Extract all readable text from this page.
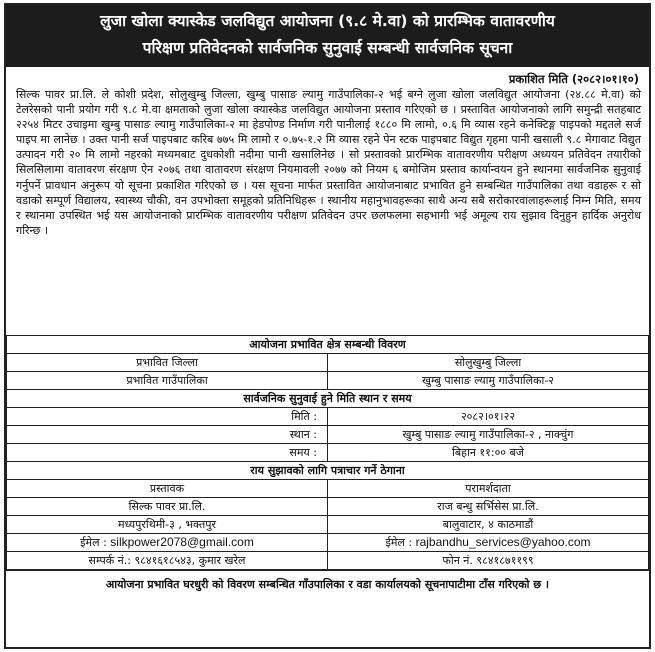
लुजा खोला क्यास्केड जलविद्युत आयोजना (९.८ मे.वा) को प्रारम्भिक वातावरणीय
परिक्षण प्रतिवेदनको सार्वजनिक सुनुवाई सम्बन्धी सार्वजनिक सूचना
प्रकाशित मिति (२०८२।०१।१०)
सिल्क पावर प्रा.लि. ले कोशी प्रदेश, सोलुखुम्बु जिल्ला, खुम्बु पासाङ ल्यामु गाउँपालिका-२ भई बग्ने लुजा खोला जलविद्युत आयोजना (२४.८८ मे.वा) को टेलरेसको पानी प्रयोग गरी ९.८ मे.वा क्षमताको लुजा खोला क्यास्केड जलविद्युत आयोजना प्रस्ताव गरिएको छ । प्रस्तावित आयोजनाको लागि समुन्द्री सतहबाट २२५४ मिटर उचाइमा खुम्बु पासाङ ल्यामु गाउँपालिका-२ मा हेडपोण्ड निर्माण गरी पानीलाई १८८० मि लामो, ०.६ मि व्यास रहने कनेक्टिङ्ग पाइपको मद्दतले सर्ज पाइप मा लानेछ । उक्त पानी सर्ज पाइपबाट करिब ७७५ मि लामो र ०.७५-१.२ मि व्यास रहने पेन स्टक पाइपबाट विद्युत गृहमा पानी खसाली ९.८ मेगावाट विद्युत उत्पादन गरी २० मि लामो नहरको मध्यमबाट दुधकोशी नदीमा पानी खसालिनेछ । सो प्रस्तावको प्रारम्भिक वातावरणीय परीक्षण अध्ययन प्रतिवेदन तयारीको सिलसिलामा वातावरण संरक्षण ऐन २०७६ तथा वातावरण संरक्षण नियमावली २०७७ को नियम ६ बमोजिम प्रस्ताव कार्यान्वयन हुने स्थानमा सार्वजनिक सुनुवाई गर्नुपर्ने प्रावधान अनुरूप यो सूचना प्रकाशित गरिएको छ । यस सूचना मार्फत प्रस्तावित आयोजनाबाट प्रभावित हुने सम्बन्धित गाउँपालिका तथा वडाहरू र सो वडाको सम्पूर्ण विद्यालय, स्वास्थ्य चौकी, वन उपभोक्ता समूहको प्रतिनिधिहरू । स्थानीय महानुभावहरूका साथै अन्य सबै सरोकारवालाहरूलाई निम्न मिति, समय र स्थानमा उपस्थित भई यस आयोजनाको प्रारम्भिक वातावरणीय परीक्षण प्रतिवेदन उपर छलफलमा सहभागी भई अमूल्य राय सुझाव दिनुहुन हार्दिक अनुरोध गरिन्छ ।
आयोजना प्रभावित क्षेत्र सम्बन्धी विवरण	
प्रभावित जिल्ला	सोलुखुम्बु जिल्ला
प्रभावित गाउँपालिका	खुम्बु पासाङ ल्यामु गाउँपालिका-२
सार्वजनिक सुनुवाई हुने मिति स्थान र समय	
मिति :	२०८२।०१।२२
स्थान :	खुम्बु पासाङ ल्यामु गाउँपालिका-२ , नाक्चुंग
समय :	बिहान ११:०० बजे
राय सुझावको लागि पत्राचार गर्ने ठेगाना	
प्रस्तावक	परामर्शदाता
सिल्क पावर प्रा.लि.	राज बन्धु सर्भिसेस प्रा.लि.
मध्यपुरथिमी-३ , भक्तपुर	बालुवाटार, ४ काठमाडौं
ईमेल : silkpower2078@gmail.com	ईमेल : rajbandhu_services@yahoo.com
सम्पर्क नं.: ९८४१६१८५४३, कुमार खरेल	फोन नं. ९८४१८७११९९
आयोजना प्रभावित घरधुरी को विवरण सम्बन्धित गाँउपालिका र वडा कार्यालयको सूचनापाटीमा टाँस गरिएको छ ।
